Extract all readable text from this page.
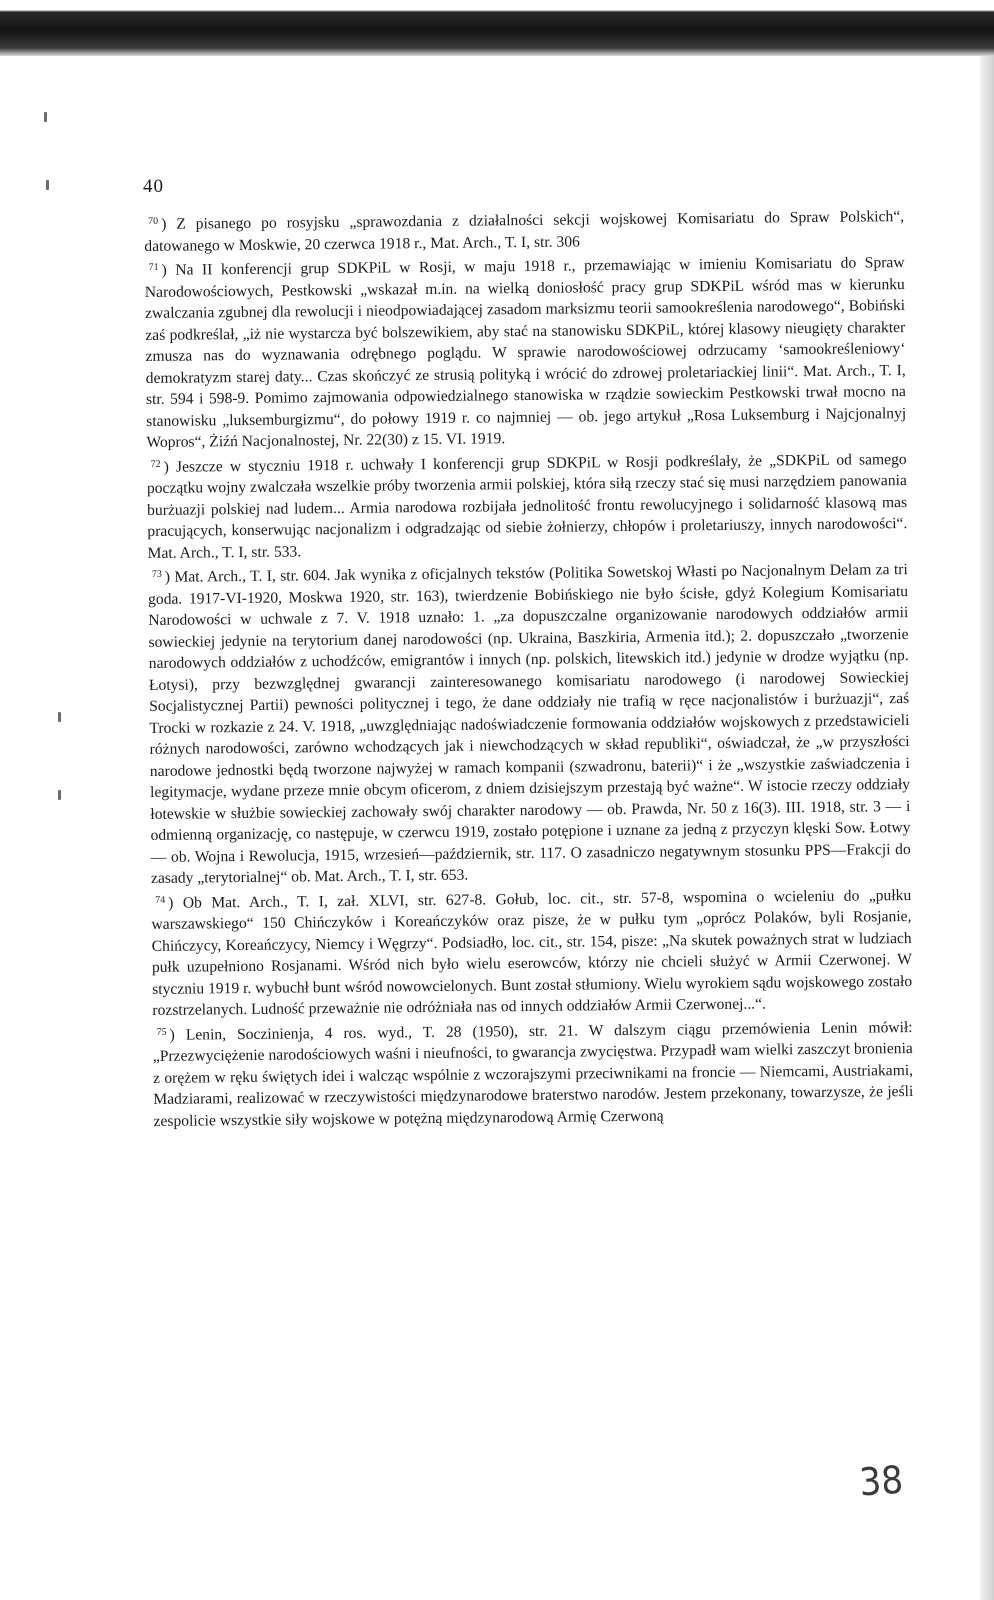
40

$^{70}$ ) Z pisanego po rosyjsku „sprawozdania z działalności sekcji wojskowej Komisariatu do Spraw Polskich“, datowanego w Moskwie, 20 czerwca 1918 r., Mat. Arch., T. I, str. 306

$^{71}$ ) Na II konferencji grup SDKPiL w Rosji, w maju 1918 r., przemawiając w imieniu Komisariatu do Spraw Narodowościowych, Pestkowski „wskazał m.in. na wielką doniosłość pracy grup SDKPiL wśród mas w kierunku zwalczania zgubnej dla rewolucji i nieodpowiadającej zasadom marksizmu teorii samookreślenia narodowego“, Bobiński zaś podkreślał, „iż nie wystarcza być bolszewikiem, aby stać na stanowisku SDKPiL, której klasowy nieugięty charakter zmusza nas do wyznawania odrębnego poglądu. W sprawie narodowościowej odrzucamy ‘samookreśleniowy‘ demokratyzm starej daty... Czas skończyć ze strusią polityką i wrócić do zdrowej proletariackiej linii“. Mat. Arch., T. I, str. 594 i 598-9. Pomimo zajmowania odpowiedzialnego stanowiska w rządzie sowieckim Pestkowski trwał mocno na stanowisku „luksemburgizmu“, do połowy 1919 r. co najmniej — ob. jego artykuł „Rosa Luksemburg i Najcjonalnyj Wopros“, Żiźń Nacjonalnostej, Nr. 22(30) z 15. VI. 1919.

$^{72}$ ) Jeszcze w styczniu 1918 r. uchwały I konferencji grup SDKPiL w Rosji podkreślały, że „SDKPiL od samego początku wojny zwalczała wszelkie próby tworzenia armii polskiej, która siłą rzeczy stać się musi narzędziem panowania burżuazji polskiej nad ludem... Armia narodowa rozbijała jednolitość frontu rewolucyjnego i solidarność klasową mas pracujących, konserwując nacjonalizm i odgradzając od siebie żołnierzy, chłopów i proletariuszy, innych narodowości“. Mat. Arch., T. I, str. 533.

$^{73}$ ) Mat. Arch., T. I, str. 604. Jak wynika z oficjalnych tekstów (Politika Sowetskoj Własti po Nacjonalnym Delam za tri goda. 1917-VI-1920, Moskwa 1920, str. 163), twierdzenie Bobińskiego nie było ścisłe, gdyż Kolegium Komisariatu Narodowości w uchwale z 7. V. 1918 uznało: 1. „za dopuszczalne organizowanie narodowych oddziałów armii sowieckiej jedynie na terytorium danej narodowości (np. Ukraina, Baszkiria, Armenia itd.); 2. dopuszczało „tworzenie narodowych oddziałów z uchodźców, emigrantów i innych (np. polskich, litewskich itd.) jedynie w drodze wyjątku (np. Łotysi), przy bezwzględnej gwarancji zainteresowanego komisariatu narodowego (i narodowej Sowieckiej Socjalistycznej Partii) pewności politycznej i tego, że dane oddziały nie trafią w ręce nacjonalistów i burżuazji“, zaś Trocki w rozkazie z 24. V. 1918, „uwzględniając nadoświadczenie formowania oddziałów wojskowych z przedstawicieli różnych narodowości, zarówno wchodzących jak i niewchodzących w skład republiki“, oświadczał, że „w przyszłości narodowe jednostki będą tworzone najwyżej w ramach kompanii (szwadronu, baterii)“ i że „wszystkie zaświadczenia i legitymacje, wydane przeze mnie obcym oficerom, z dniem dzisiejszym przestają być ważne“. W istocie rzeczy oddziały łotewskie w służbie sowieckiej zachowały swój charakter narodowy — ob. Prawda, Nr. 50 z 16(3). III. 1918, str. 3 — i odmienną organizację, co następuje, w czerwcu 1919, zostało potępione i uznane za jedną z przyczyn klęski Sow. Łotwy — ob. Wojna i Rewolucja, 1915, wrzesień—październik, str. 117. O zasadniczo negatywnym stosunku PPS—Frakcji do zasady „terytorialnej“ ob. Mat. Arch., T. I, str. 653.

$^{74}$ ) Ob Mat. Arch., T. I, zał. XLVI, str. 627-8. Gołub, loc. cit., str. 57-8, wspomina o wcieleniu do „pułku warszawskiego“ 150 Chińczyków i Koreańczyków oraz pisze, że w pułku tym „oprócz Polaków, byli Rosjanie, Chińczycy, Koreańczycy, Niemcy i Węgrzy“. Podsiadło, loc. cit., str. 154, pisze: „Na skutek poważnych strat w ludziach pułk uzupełniono Rosjanami. Wśród nich było wielu eserowców, którzy nie chcieli służyć w Armii Czerwonej. W styczniu 1919 r. wybuchł bunt wśród nowowcielonych. Bunt został stłumiony. Wielu wyrokiem sądu wojskowego zostało rozstrzelanych. Ludność przeważnie nie odróżniała nas od innych oddziałów Armii Czerwonej...“.

$^{75}$ ) Lenin, Soczinienja, 4 ros. wyd., T. 28 (1950), str. 21. W dalszym ciągu przemówienia Lenin mówił: „Przezwyciężenie narodościowych waśni i nieufności, to gwarancja zwycięstwa. Przypadł wam wielki zaszczyt bronienia z orężem w ręku świętych idei i walcząc wspólnie z wczorajszymi przeciwnikami na froncie — Niemcami, Austriakami, Madziarami, realizować w rzeczywistości międzynarodowe braterstwo narodów. Jestem przekonany, towarzysze, że jeśli zespolicie wszystkie siły wojskowe w potężną międzynarodową Armię Czerwoną

38
